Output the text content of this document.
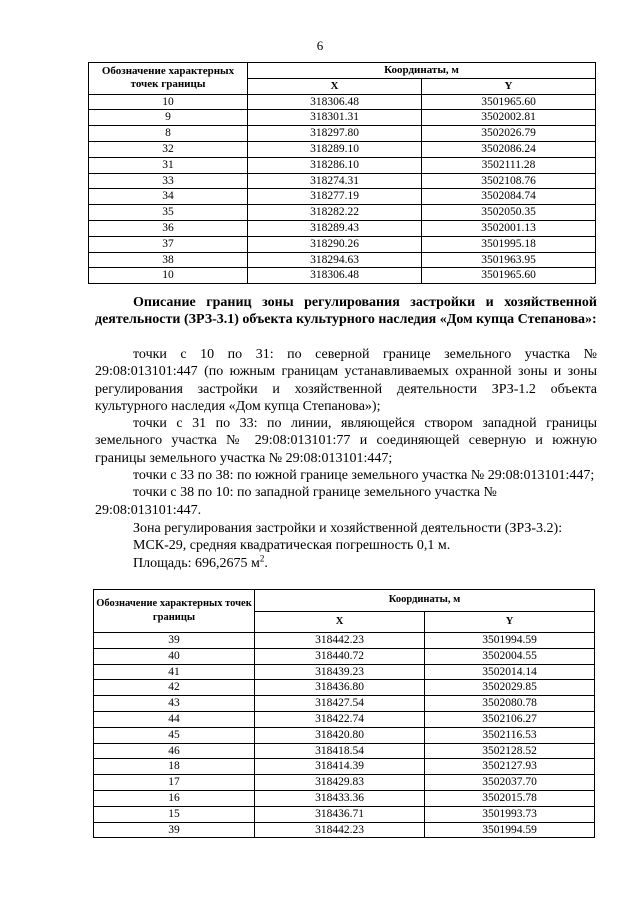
6
Обозначение характерных точек границы	Координаты, м	
	X	Y
10	318306.48	3501965.60
9	318301.31	3502002.81
8	318297.80	3502026.79
32	318289.10	3502086.24
31	318286.10	3502111.28
33	318274.31	3502108.76
34	318277.19	3502084.74
35	318282.22	3502050.35
36	318289.43	3502001.13
37	318290.26	3501995.18
38	318294.63	3501963.95
10	318306.48	3501965.60
Описание границ зоны регулирования застройки и хозяйственной деятельности (ЗРЗ-3.1) объекта культурного наследия «Дом купца Степанова»:

точки с 10 по 31: по северной границе земельного участка № 29:08:013101:447 (по южным границам устанавливаемых охранной зоны и зоны регулирования застройки и хозяйственной деятельности ЗРЗ-1.2 объекта культурного наследия «Дом купца Степанова»);

точки с 31 по 33: по линии, являющейся створом западной границы земельного участка № 29:08:013101:77 и соединяющей северную и южную границы земельного участка № 29:08:013101:447;

точки с 33 по 38: по южной границе земельного участка № 29:08:013101:447;

точки с 38 по 10: по западной границе земельного участка № 29:08:013101:447.

Зона регулирования застройки и хозяйственной деятельности (ЗРЗ-3.2):

МСК-29, средняя квадратическая погрешность 0,1 м.

Площадь: 696,2675 $м^2$.

Обозначение характерных точек границы	Координаты, м	
	X	Y
39	318442.23	3501994.59
40	318440.72	3502004.55
41	318439.23	3502014.14
42	318436.80	3502029.85
43	318427.54	3502080.78
44	318422.74	3502106.27
45	318420.80	3502116.53
46	318418.54	3502128.52
18	318414.39	3502127.93
17	318429.83	3502037.70
16	318433.36	3502015.78
15	318436.71	3501993.73
39	318442.23	3501994.59
